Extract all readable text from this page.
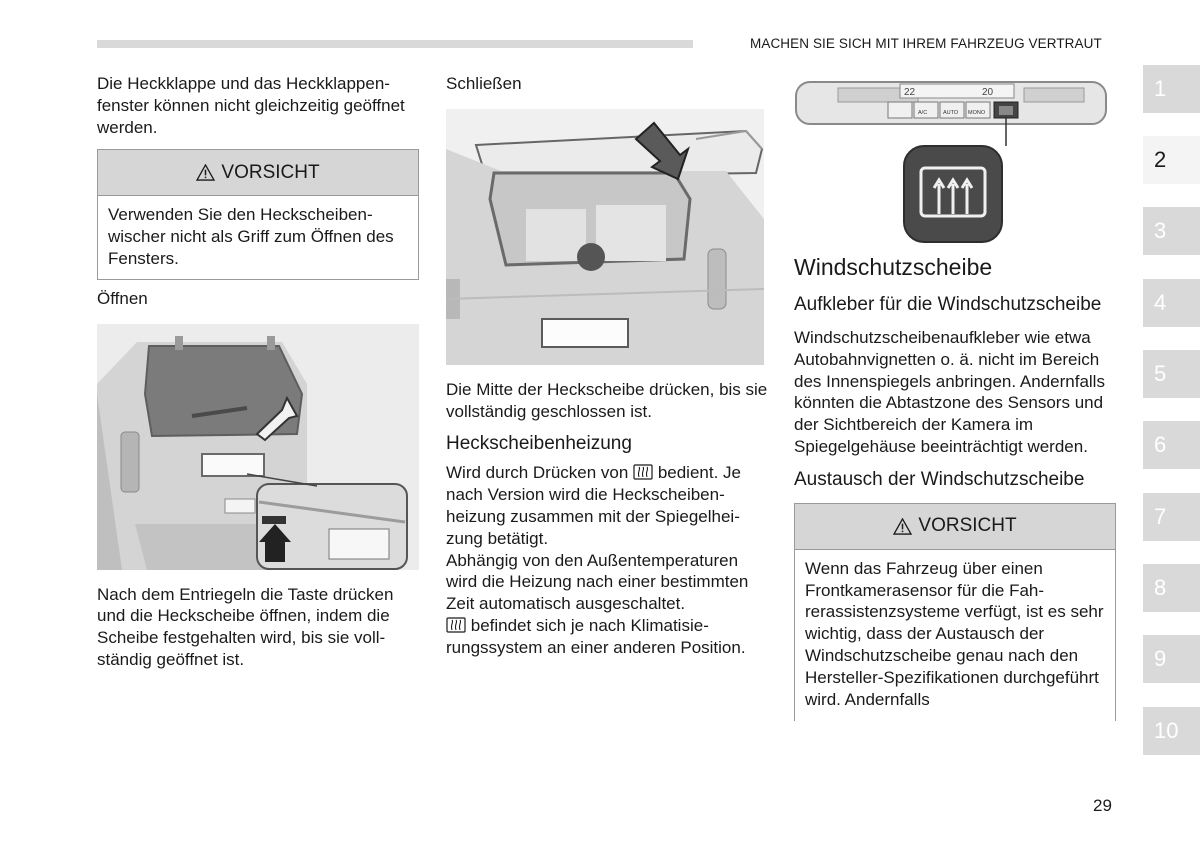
MACHEN SIE SICH MIT IHREM FAHRZEUG VERTRAUT

Die Heckklappe und das Heckklappenfenster können nicht gleichzeitig geöffnet werden.

VORSICHT
Verwenden Sie den Heckscheibenwischer nicht als Griff zum Öffnen des Fensters.

Öffnen

Nach dem Entriegeln die Taste drücken und die Heckscheibe öffnen, indem die Scheibe festgehalten wird, bis sie vollständig geöffnet ist.

Schließen

Die Mitte der Heckscheibe drücken, bis sie vollständig geschlossen ist.

Heckscheibenheizung

Wird durch Drücken von bedient. Je nach Version wird die Heckscheibenheizung zusammen mit der Spiegelheizung betätigt.

Abhängig von den Außentemperaturen wird die Heizung nach einer bestimmten Zeit automatisch ausgeschaltet.

befindet sich je nach Klimatisierungssystem an einer anderen Position.

22	20
A/C	AUTO MONO

Windschutzscheibe

Aufkleber für die Windschutzscheibe

Windschutzscheibenaufkleber wie etwa Autobahnvignetten o. ä. nicht im Bereich des Innenspiegels anbringen. Andernfalls könnten die Abtastzone des Sensors und der Sichtbereich der Kamera im Spiegelgehäuse beeinträchtigt werden.

Austausch der Windschutzscheibe

VORSICHT
Wenn das Fahrzeug über einen Frontkamerasensor für die Fahrerassistenzsysteme verfügt, ist es sehr wichtig, dass der Austausch der Windschutzscheibe genau nach den Hersteller-Spezifikationen durchgeführt wird. Andernfalls
1
2
3
4
5
6
7
8
9
10
29
